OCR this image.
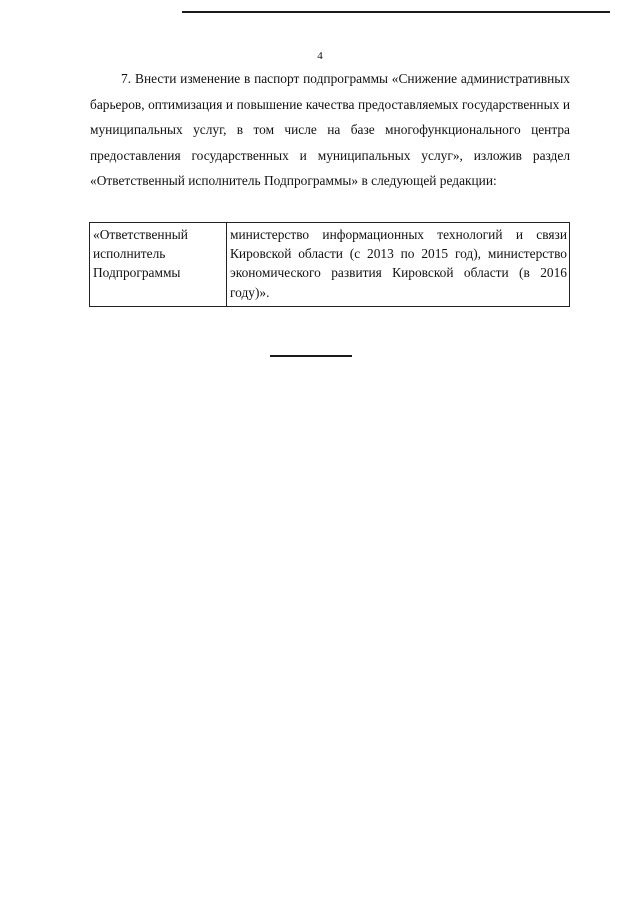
4

7. Внести изменение в паспорт подпрограммы «Снижение административных барьеров, оптимизация и повышение качества предоставляемых государственных и муниципальных услуг, в том числе на базе многофункционального центра предоставления государственных и муниципальных услуг», изложив раздел «Ответственный исполнитель Подпрограммы» в следующей редакции:

«Ответственный исполнитель Подпрограммы	министерство информационных технологий и связи Кировской области (с 2013 по 2015 год), министерство экономического развития Кировской области (в 2016 году)».
